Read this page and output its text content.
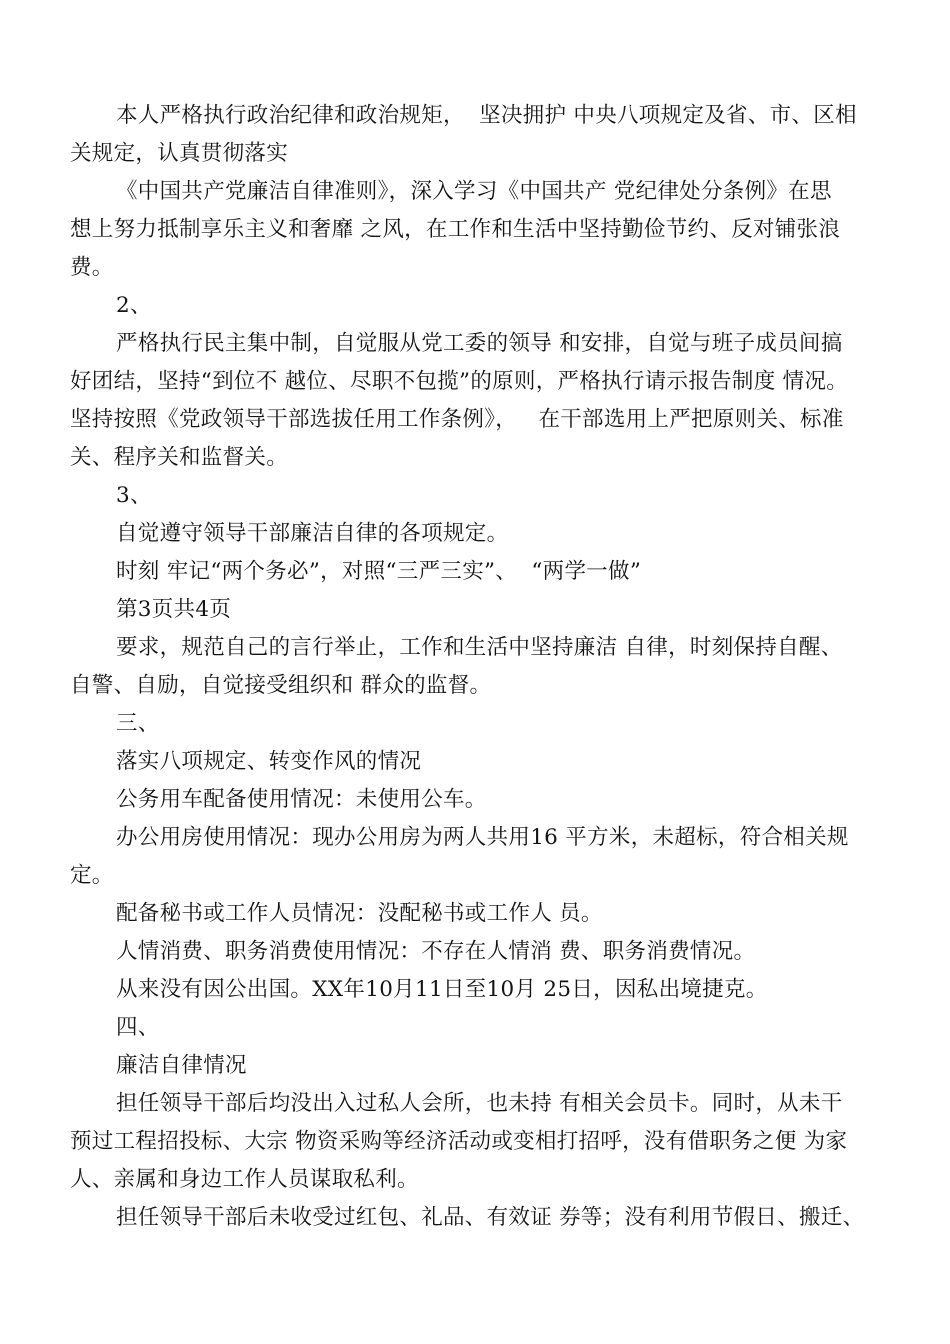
本人严格执行政治纪律和政治规矩，  坚决拥护 中央八项规定及省、市、区相
关规定，认真贯彻落实

《中国共产党廉洁自律准则》，深入学习《中国共产 党纪律处分条例》在思
想上努力抵制享乐主义和奢靡 之风，在工作和生活中坚持勤俭节约、反对铺张浪
费。

2、

严格执行民主集中制，自觉服从党工委的领导 和安排，自觉与班子成员间搞
好团结，坚持“到位不 越位、尽职不包揽”的原则，严格执行请示报告制度 情况。
坚持按照《党政领导干部选拔任用工作条例》，   在干部选用上严把原则关、标准
关、程序关和监督关。

3、

自觉遵守领导干部廉洁自律的各项规定。

时刻 牢记“两个务必”，对照“三严三实”、  “两学一做”

第3页共4页

要求，规范自己的言行举止，工作和生活中坚持廉洁 自律，时刻保持自醒、
自警、自励，自觉接受组织和 群众的监督。

三、

落实八项规定、转变作风的情况

公务用车配备使用情况：未使用公车。

办公用房使用情况：现办公用房为两人共用16 平方米，未超标，符合相关规
定。

配备秘书或工作人员情况：没配秘书或工作人 员。

人情消费、职务消费使用情况：不存在人情消 费、职务消费情况。

从来没有因公出国。XX年10月11日至10月 25日，因私出境捷克。

四、

廉洁自律情况

担任领导干部后均没出入过私人会所，也未持 有相关会员卡。同时，从未干
预过工程招投标、大宗 物资采购等经济活动或变相打招呼，没有借职务之便 为家
人、亲属和身边工作人员谋取私利。

担任领导干部后未收受过红包、礼品、有效证 券等；没有利用节假日、搬迁、
